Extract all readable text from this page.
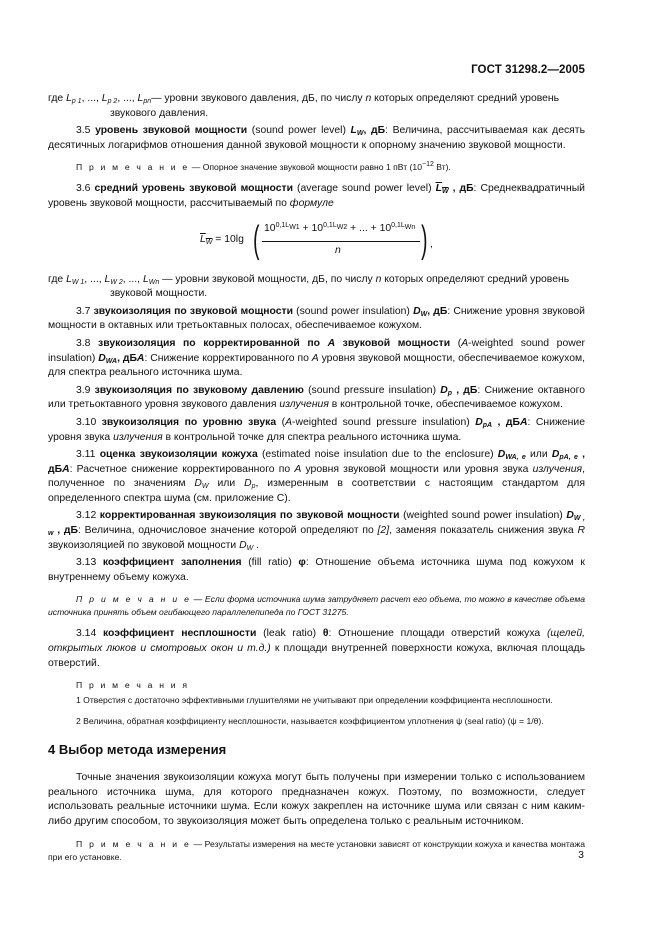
ГОСТ 31298.2—2005

где $L_{p 1}$, ..., $L_{p 2}$, ..., $L_{pn}—$ уровни звукового давления, дБ, по числу n которых определяют средний уровень

звукового давления.

3.5 уровень звуковой мощности (sound power level) $L_W$, дБ: Величина, рассчитываемая как десять десятичных логарифмов отношения данной звуковой мощности к опорному значению звуковой мощности.

П р и м е ч а н и е — Опорное значение звуковой мощности равно 1 пВт ($10^{-12}$ Вт).

3.6 средний уровень звуковой мощности (average sound power level) $L_W$ , дБ: Среднеквадратичный уровень звуковой мощности, рассчитываемый по формуле

$L_W = 10\lg$ ( $10^{0,1L_{W1}} + 10^{0,1L_{W2}}$ + ... + $10^{0,1L_{Wn}}$
n ) ,

где $L_{W 1}$, ..., $L_{W 2}$, ..., $L_{Wn}$ — уровни звуковой мощности, дБ, по числу n которых определяют средний уровень

звуковой мощности.

3.7 звукоизоляция по звуковой мощности (sound power insulation) $D_W$, дБ: Снижение уровня звуковой мощности в октавных или третьоктавных полосах, обеспечиваемое кожухом.

3.8 звукоизоляция по корректированной по А звуковой мощности (A-weighted sound power insulation) $D_{WA}$, дБА: Снижение корректированного по А уровня звуковой мощности, обеспечиваемое кожухом, для спектра реального источника шума.

3.9 звукоизоляция по звуковому давлению (sound pressure insulation) $D_p$ , дБ: Снижение октавного или третьоктавного уровня звукового давления излучения в контрольной точке, обеспечиваемое кожухом.

3.10 звукоизоляция по уровню звука (A-weighted sound pressure insulation) $D_{pA}$ , дБА: Снижение уровня звука излучения в контрольной точке для спектра реального источника шума.

3.11 оценка звукоизоляции кожуха (estimated noise insulation due to the enclosure) $D_{WA, e}$ или $D_{pA, e}$ , дБА: Расчетное снижение корректированного по А уровня звуковой мощности или уровня звука излучения, полученное по значениям $D_W$ или $D_p$, измеренным в соответствии с настоящим стандартом для определенного спектра шума (см. приложение С).

3.12 корректированная звукоизоляция по звуковой мощности (weighted sound power insulation) $D_{W , w}$ , дБ: Величина, одночисловое значение которой определяют по [2], заменяя показатель снижения звука R звукоизоляцией по звуковой мощности $D_W$ .

3.13 коэффициент заполнения (fill ratio) φ: Отношение объема источника шума под кожухом к внутреннему объему кожуха.

П р и м е ч а н и е — Если форма источника шума затрудняет расчет его объема, то можно в качестве объема источника принять объем огибающего параллелепипеда по ГОСТ 31275.

3.14 коэффициент несплошности (leak ratio) θ: Отношение площади отверстий кожуха (щелей, открытых люков и смотровых окон и т.д.) к площади внутренней поверхности кожуха, включая площадь отверстий.

П р и м е ч а н и я

1 Отверстия с достаточно эффективными глушителями не учитывают при определении коэффициента несплошности.

2 Величина, обратная коэффициенту несплошности, называется коэффициентом уплотнения ψ (seal ratio) (ψ = 1/θ).

4 Выбор метода измерения

Точные значения звукоизоляции кожуха могут быть получены при измерении только с использованием реального источника шума, для которого предназначен кожух. Поэтому, по возможности, следует использовать реальные источники шума. Если кожух закреплен на источнике шума или связан с ним каким-либо другим способом, то звукоизоляция может быть определена только с реальным источником.

П р и м е ч а н и е — Результаты измерения на месте установки зависят от конструкции кожуха и качества монтажа при его установке.	3
